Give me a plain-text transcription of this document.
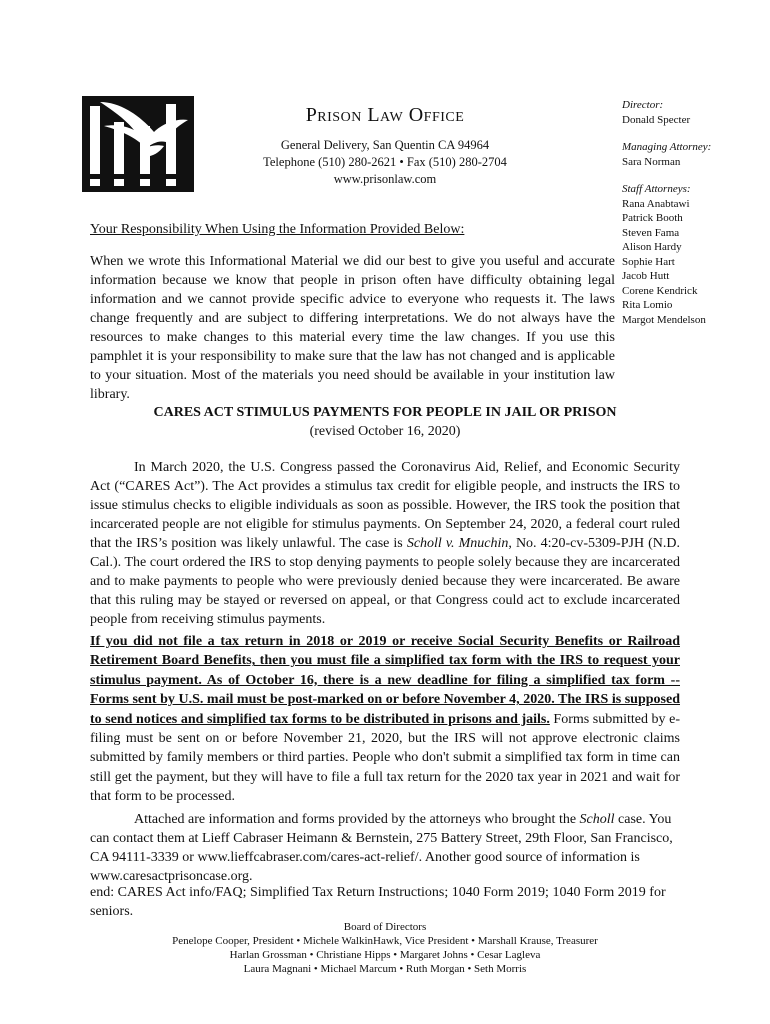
Prison Law Office
General Delivery, San Quentin CA 94964
Telephone (510) 280-2621 • Fax (510) 280-2704
www.prisonlaw.com
Director:
Donald Specter
Managing Attorney:
Sara Norman
Staff Attorneys:
Rana Anabtawi
Patrick Booth
Steven Fama
Alison Hardy
Sophie Hart
Jacob Hutt
Corene Kendrick
Rita Lomio
Margot Mendelson
Your Responsibility When Using the Information Provided Below:
When we wrote this Informational Material we did our best to give you useful and accurate information because we know that people in prison often have difficulty obtaining legal information and we cannot provide specific advice to everyone who requests it. The laws change frequently and are subject to differing interpretations. We do not always have the resources to make changes to this material every time the law changes. If you use this pamphlet it is your responsibility to make sure that the law has not changed and is applicable to your situation. Most of the materials you need should be available in your institution law library.
CARES ACT STIMULUS PAYMENTS FOR PEOPLE IN JAIL OR PRISON
(revised October 16, 2020)
In March 2020, the U.S. Congress passed the Coronavirus Aid, Relief, and Economic Security Act (“CARES Act”). The Act provides a stimulus tax credit for eligible people, and instructs the IRS to issue stimulus checks to eligible individuals as soon as possible. However, the IRS took the position that incarcerated people are not eligible for stimulus payments. On September 24, 2020, a federal court ruled that the IRS’s position was likely unlawful. The case is Scholl v. Mnuchin, No. 4:20-cv-5309-PJH (N.D. Cal.). The court ordered the IRS to stop denying payments to people solely because they are incarcerated and to make payments to people who were previously denied because they were incarcerated. Be aware that this ruling may be stayed or reversed on appeal, or that Congress could act to exclude incarcerated people from receiving stimulus payments.
If you did not file a tax return in 2018 or 2019 or receive Social Security Benefits or Railroad Retirement Board Benefits, then you must file a simplified tax form with the IRS to request your stimulus payment. As of October 16, there is a new deadline for filing a simplified tax form -- Forms sent by U.S. mail must be post-marked on or before November 4, 2020. The IRS is supposed to send notices and simplified tax forms to be distributed in prisons and jails. Forms submitted by e-filing must be sent on or before November 21, 2020, but the IRS will not approve electronic claims submitted by family members or third parties. People who don't submit a simplified tax form in time can still get the payment, but they will have to file a full tax return for the 2020 tax year in 2021 and wait for that form to be processed.
Attached are information and forms provided by the attorneys who brought the Scholl case. You can contact them at Lieff Cabraser Heimann & Bernstein, 275 Battery Street, 29th Floor, San Francisco, CA 94111-3339 or www.lieffcabraser.com/cares-act-relief/. Another good source of information is www.caresactprisoncase.org.
end: CARES Act info/FAQ; Simplified Tax Return Instructions; 1040 Form 2019; 1040 Form 2019 for seniors.
Board of Directors
Penelope Cooper, President • Michele WalkinHawk, Vice President • Marshall Krause, Treasurer
Harlan Grossman • Christiane Hipps • Margaret Johns • Cesar Lagleva
Laura Magnani • Michael Marcum • Ruth Morgan • Seth Morris
